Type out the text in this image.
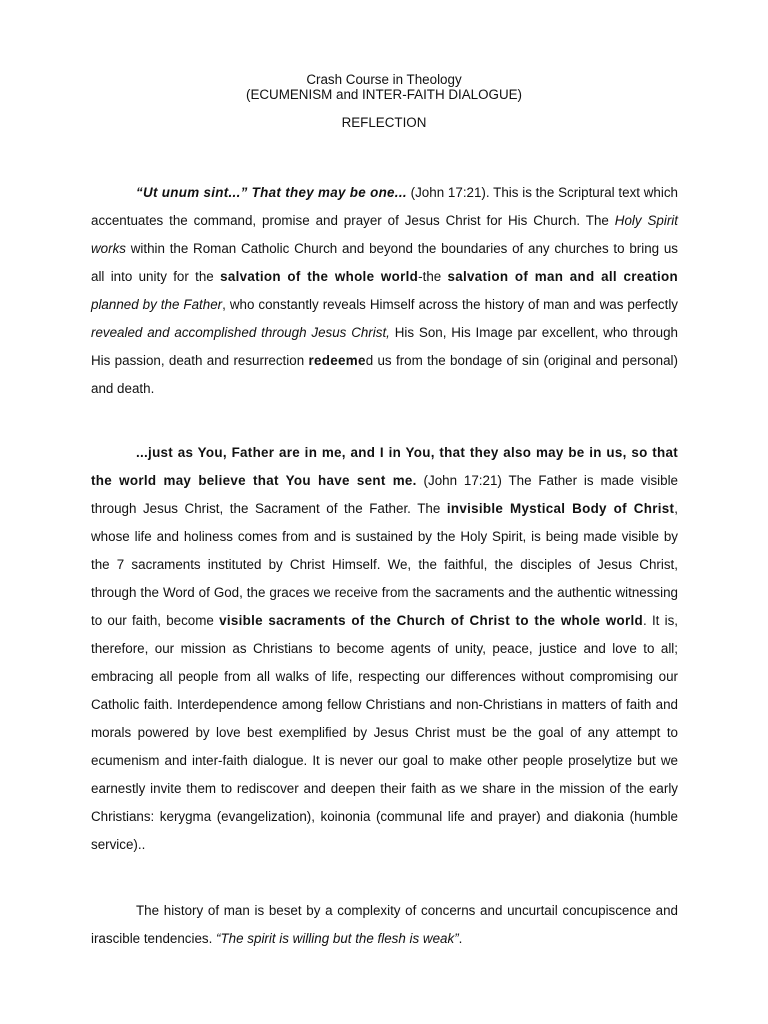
Crash Course in Theology
(ECUMENISM and INTER-FAITH DIALOGUE)
REFLECTION

“Ut unum sint...” That they may be one... (John 17:21). This is the Scriptural text which accentuates the command, promise and prayer of Jesus Christ for His Church. The Holy Spirit works within the Roman Catholic Church and beyond the boundaries of any churches to bring us all into unity for the salvation of the whole world-the salvation of man and all creation planned by the Father, who constantly reveals Himself across the history of man and was perfectly revealed and accomplished through Jesus Christ, His Son, His Image par excellent, who through His passion, death and resurrection redeemed us from the bondage of sin (original and personal) and death.

...just as You, Father are in me, and I in You, that they also may be in us, so that the world may believe that You have sent me. (John 17:21) The Father is made visible through Jesus Christ, the Sacrament of the Father. The invisible Mystical Body of Christ, whose life and holiness comes from and is sustained by the Holy Spirit, is being made visible by the 7 sacraments instituted by Christ Himself. We, the faithful, the disciples of Jesus Christ, through the Word of God, the graces we receive from the sacraments and the authentic witnessing to our faith, become visible sacraments of the Church of Christ to the whole world. It is, therefore, our mission as Christians to become agents of unity, peace, justice and love to all; embracing all people from all walks of life, respecting our differences without compromising our Catholic faith. Interdependence among fellow Christians and non-Christians in matters of faith and morals powered by love best exemplified by Jesus Christ must be the goal of any attempt to ecumenism and inter-faith dialogue. It is never our goal to make other people proselytize but we earnestly invite them to rediscover and deepen their faith as we share in the mission of the early Christians: kerygma (evangelization), koinonia (communal life and prayer) and diakonia (humble service)..

The history of man is beset by a complexity of concerns and uncurtail concupiscence and irascible tendencies. “The spirit is willing but the flesh is weak”.
